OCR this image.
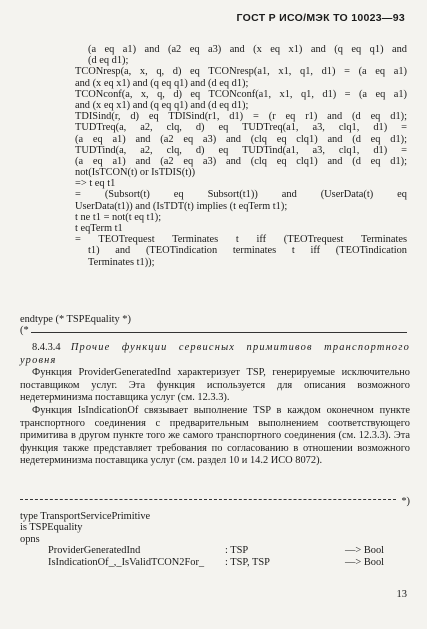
ГОСТ Р ИСО/МЭК ТО 10023—93
(a eq a1) and (a2 eq a3) and (x eq x1) and (q eq q1) and
(d eq d1);
TCONresp(a, x, q, d) eq TCONresp(a1, x1, q1, d1) = (a eq a1)
and (x eq x1) and (q eq q1) and (d eq d1);
TCONconf(a, x, q, d) eq TCONconf(a1, x1, q1, d1) = (a eq a1)
and (x eq x1) and (q eq q1) and (d eq d1);
TDISind(r, d) eq TDISind(r1, d1) = (r eq r1) and (d eq d1);
TUDTreq(a, a2, clq, d) eq TUDTreq(a1, a3, clq1, d1) =
(a eq a1) and (a2 eq a3) and (clq eq clq1) and (d eq d1);
TUDTind(a, a2, clq, d) eq TUDTind(a1, a3, clq1, d1) =
(a eq a1) and (a2 eq a3) and (clq eq clq1) and (d eq d1);
not(IsTCON(t) or IsTDIS(t))
=> t eq t1
= (Subsort(t) eq Subsort(t1)) and (UserData(t) eq
UserData(t1)) and (IsTDT(t) implies (t eqTerm t1);
t ne t1 = not(t eq t1);
t eqTerm t1
= TEOTrequest Terminates t iff (TEOTrequest Terminates
t1) and (TEOTindication terminates t iff (TEOTindication
Terminates t1));
endtype (* TSPEquality *)
(*

8.4.3.4 Прочие функции сервисных примитивов транспортного уровня

Функция ProviderGeneratedInd характеризует TSP, генерируемые исключительно поставщиком услуг. Эта функция используется для описания возможного недетерминизма поставщика услуг (см. 12.3.3).

Функция IsIndicationOf связывает выполнение TSP в каждом оконечном пункте транспортного соединения с предварительным выполнением соответствующего примитива в другом пункте того же самого транспортного соединения (см. 12.3.3). Эта функция также представляет требования по согласованию в отношении возможного недетерминизма поставщика услуг (см. раздел 10 и 14.2 ИСО 8072).

*)
type TransportServicePrimitive
is TSPEquality
opns
ProviderGeneratedInd	: TSP	—> Bool
IsIndicationOf_,_IsValidTCON2For_ : TSP, TSP	—> Bool
13
